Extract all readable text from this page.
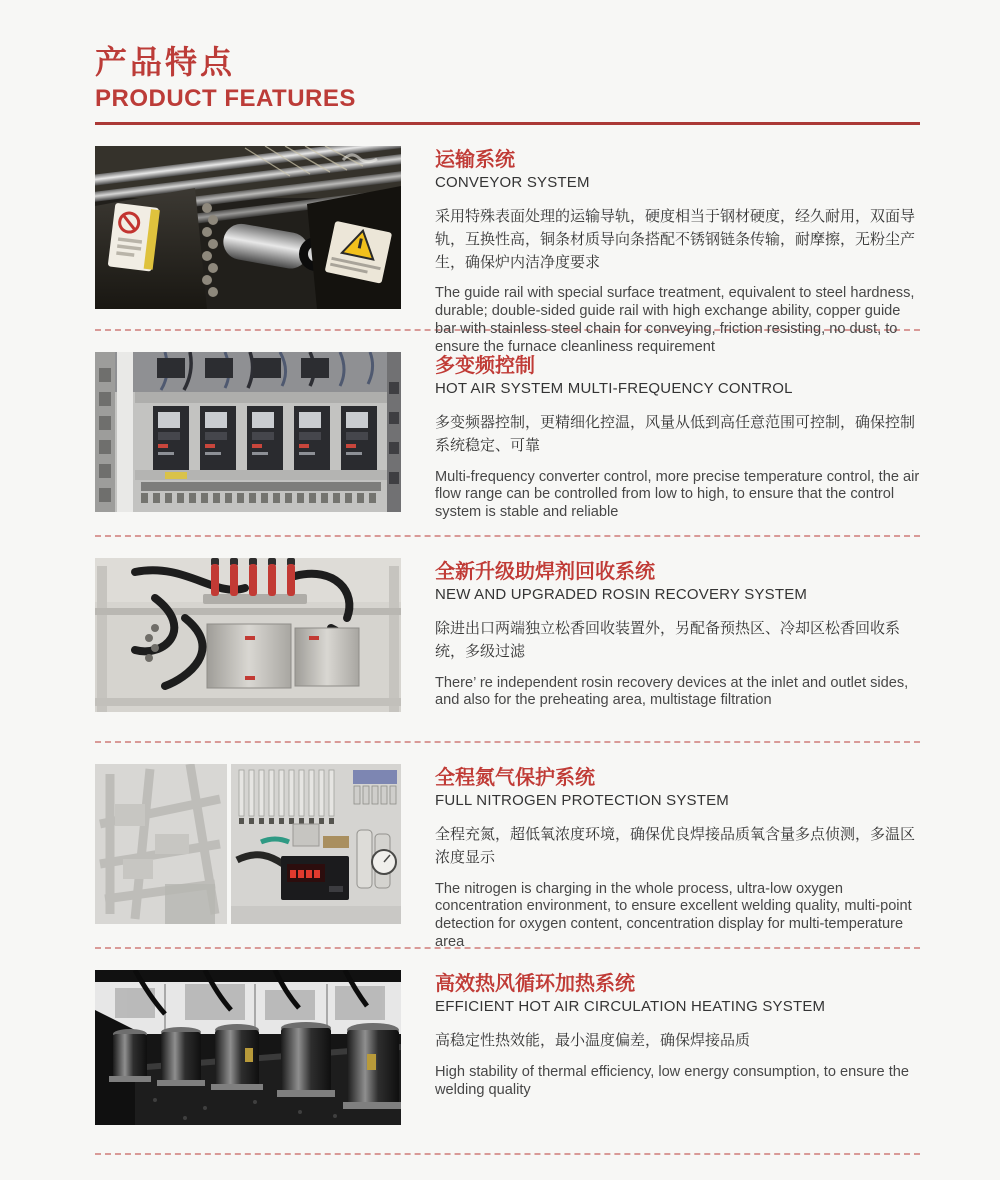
产品特点
PRODUCT FEATURES
运输系统
CONVEYOR SYSTEM

采用特殊表面处理的运输导轨，硬度相当于钢材硬度，经久耐用，双面导轨，互换性高，铜条材质导向条搭配不锈钢链条传输，耐摩擦，无粉尘产生，确保炉内洁净度要求

The guide rail with special surface treatment, equivalent to steel hardness, durable; double-sided guide rail with high exchange ability, copper guide bar with stainless steel chain for conveying, friction resisting, no dust, to ensure the furnace cleanliness requirement

多变频控制
HOT AIR SYSTEM MULTI-FREQUENCY CONTROL

多变频器控制，更精细化控温，风量从低到高任意范围可控制，确保控制系统稳定、可靠

Multi-frequency converter control, more precise temperature control, the air flow range can be controlled from low to high, to ensure that the control system is stable and reliable

全新升级助焊剂回收系统
NEW AND UPGRADED ROSIN RECOVERY SYSTEM

除进出口两端独立松香回收装置外，另配备预热区、冷却区松香回收系统，多级过滤

There’ re independent rosin recovery devices at the inlet and outlet sides, and also for the preheating area, multistage filtration

全程氮气保护系统
FULL NITROGEN PROTECTION SYSTEM

全程充氮，超低氧浓度环境，确保优良焊接品质氧含量多点侦测，多温区浓度显示

The nitrogen is charging in the whole process, ultra-low oxygen concentration environment, to ensure excellent welding quality, multi-point detection for oxygen content, concentration display for multi-temperature area

高效热风循环加热系统
EFFICIENT HOT AIR CIRCULATION HEATING SYSTEM

高稳定性热效能，最小温度偏差，确保焊接品质

High stability of thermal efficiency, low energy consumption, to ensure the welding quality
